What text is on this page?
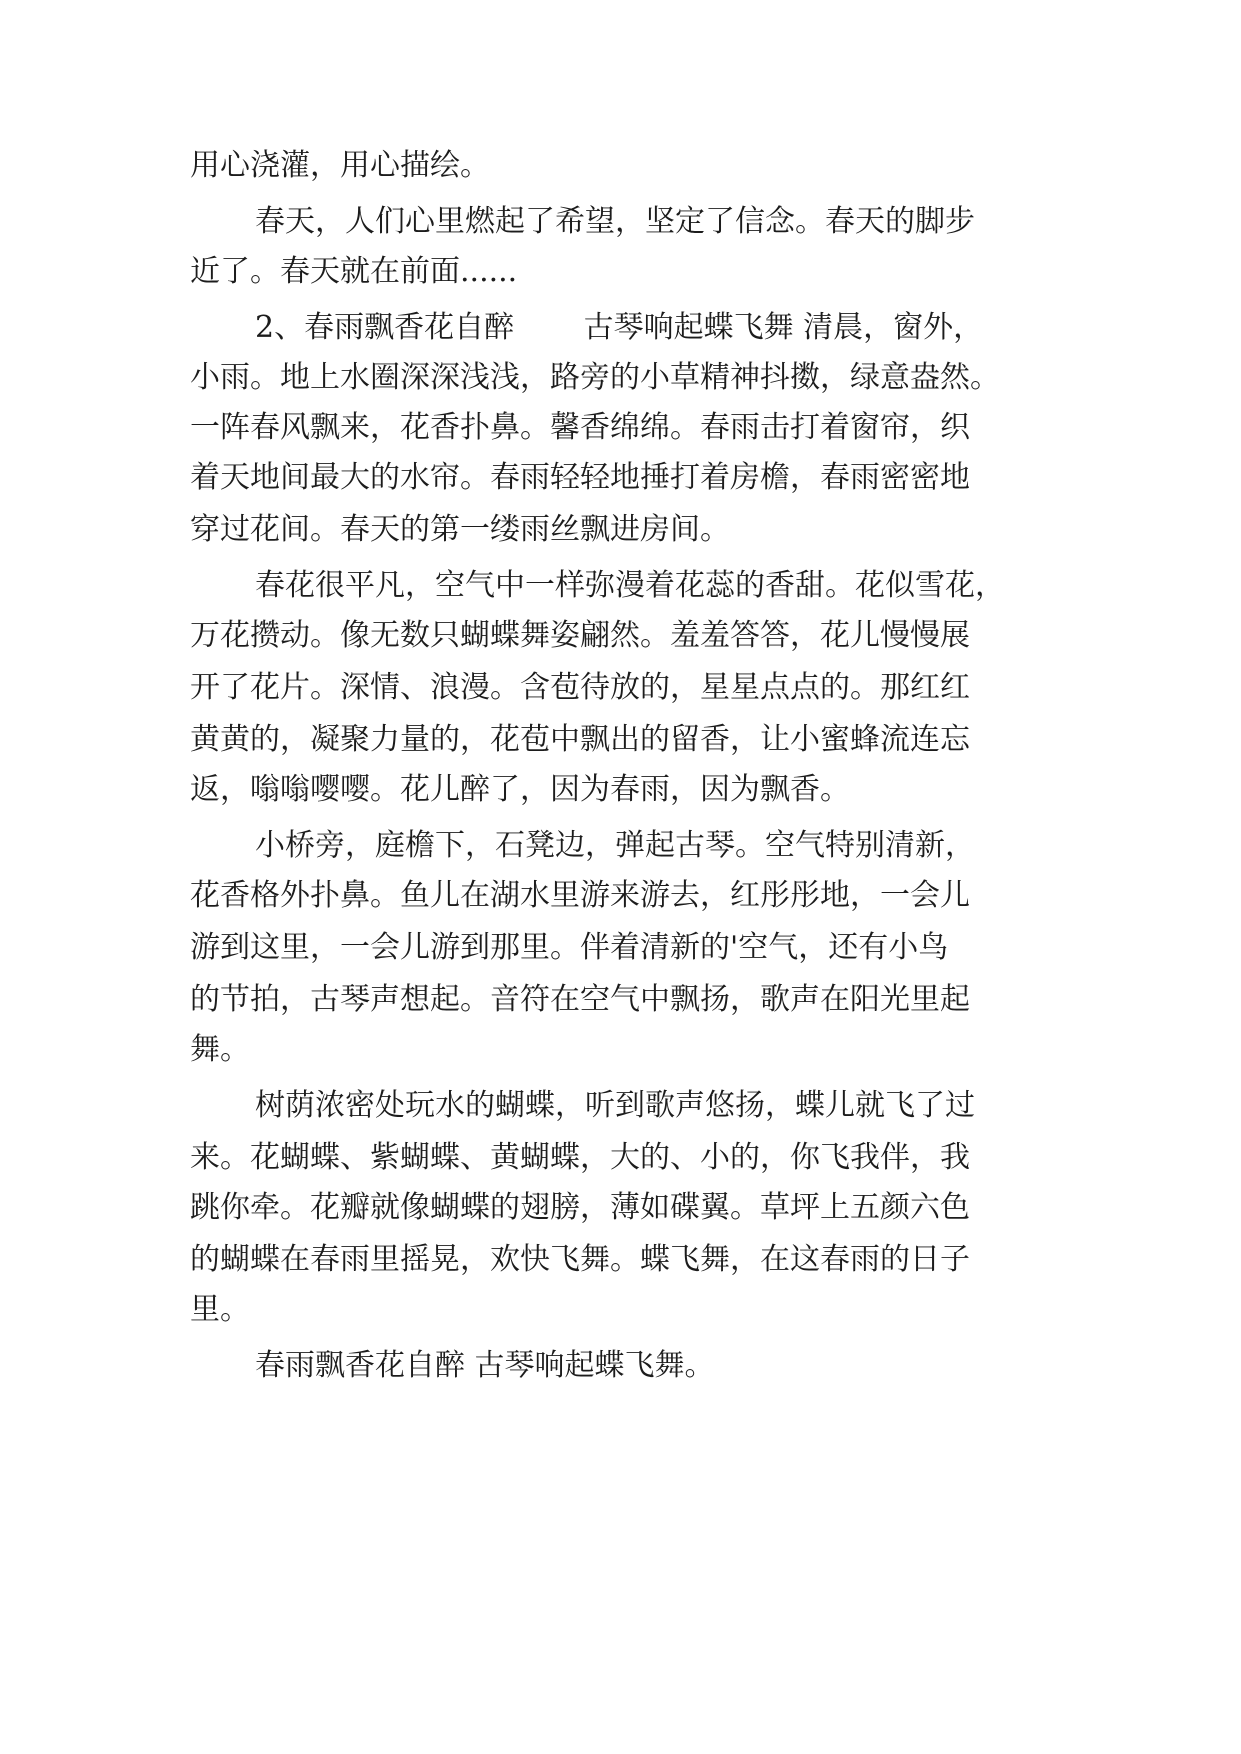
用心浇灌，用心描绘。

春天，人们心里燃起了希望，坚定了信念。春天的脚步

近了。春天就在前面......

2、春雨飘香花自醉　　 古琴响起蝶飞舞 清晨，窗外，

小雨。地上水圈深深浅浅，路旁的小草精神抖擞，绿意盎然。

一阵春风飘来，花香扑鼻。馨香绵绵。春雨击打着窗帘，织

着天地间最大的水帘。春雨轻轻地捶打着房檐，春雨密密地

穿过花间。春天的第一缕雨丝飘进房间。

春花很平凡，空气中一样弥漫着花蕊的香甜。花似雪花，

万花攒动。像无数只蝴蝶舞姿翩然。羞羞答答，花儿慢慢展

开了花片。深情、浪漫。含苞待放的，星星点点的。那红红

黄黄的，凝聚力量的，花苞中飘出的留香，让小蜜蜂流连忘

返，嗡嗡嘤嘤。花儿醉了，因为春雨，因为飘香。

小桥旁，庭檐下，石凳边，弹起古琴。空气特别清新，

花香格外扑鼻。鱼儿在湖水里游来游去，红彤彤地，一会儿

游到这里，一会儿游到那里。伴着清新的'空气，还有小鸟

的节拍，古琴声想起。音符在空气中飘扬，歌声在阳光里起

舞。

树荫浓密处玩水的蝴蝶，听到歌声悠扬，蝶儿就飞了过

来。花蝴蝶、紫蝴蝶、黄蝴蝶，大的、小的，你飞我伴，我

跳你牵。花瓣就像蝴蝶的翅膀，薄如碟翼。草坪上五颜六色

的蝴蝶在春雨里摇晃，欢快飞舞。蝶飞舞，在这春雨的日子

里。

春雨飘香花自醉 古琴响起蝶飞舞。
